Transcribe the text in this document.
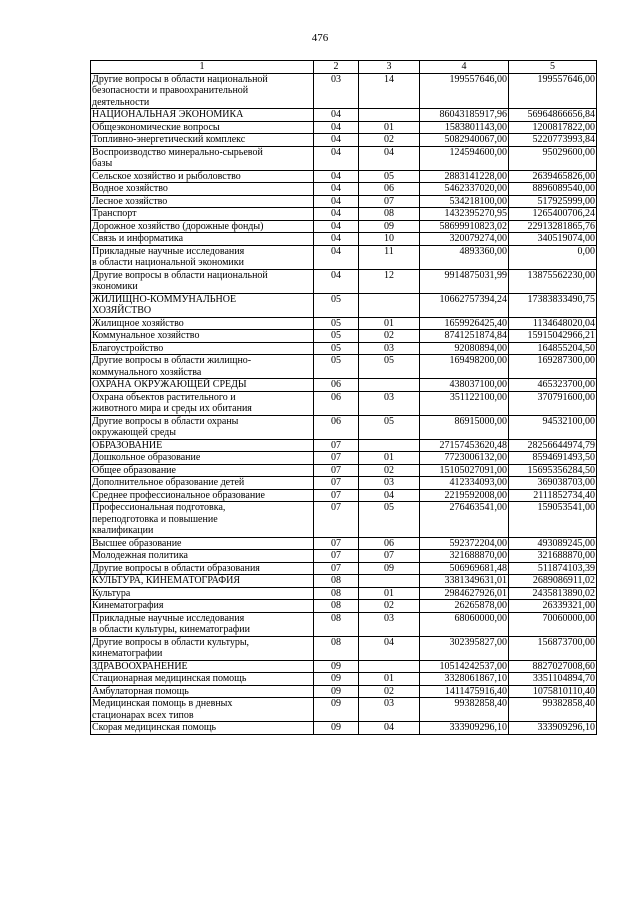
476
1	2	3	4	5
Другие вопросы в области национальной
безопасности и правоохранительной
деятельности	03	14	199557646,00	199557646,00
НАЦИОНАЛЬНАЯ ЭКОНОМИКА	04		86043185917,96	56964866656,84
Общеэкономические вопросы	04	01	1583801143,00	1200817822,00
Топливно-энергетический комплекс	04	02	5082940067,00	5220773993,84
Воспроизводство минерально-сырьевой
базы	04	04	124594600,00	95029600,00
Сельское хозяйство и рыболовство	04	05	2883141228,00	2639465826,00
Водное хозяйство	04	06	5462337020,00	8896089540,00
Лесное хозяйство	04	07	534218100,00	517925999,00
Транспорт	04	08	1432395270,95	1265400706,24
Дорожное хозяйство (дорожные фонды)	04	09	58699910823,02	22913281865,76
Связь и информатика	04	10	320079274,00	340519074,00
Прикладные научные исследования
в области национальной экономики	04	11	4893360,00	0,00
Другие вопросы в области национальной
экономики	04	12	9914875031,99	13875562230,00
ЖИЛИЩНО-КОММУНАЛЬНОЕ
ХОЗЯЙСТВО	05		10662757394,24	17383833490,75
Жилищное хозяйство	05	01	1659926425,40	1134648020,04
Коммунальное хозяйство	05	02	8741251874,84	15915042966,21
Благоустройство	05	03	92080894,00	164855204,50
Другие вопросы в области жилищно-
коммунального хозяйства	05	05	169498200,00	169287300,00
ОХРАНА ОКРУЖАЮЩЕЙ СРЕДЫ	06		438037100,00	465323700,00
Охрана объектов растительного и
животного мира и среды их обитания	06	03	351122100,00	370791600,00
Другие вопросы в области охраны
окружающей среды	06	05	86915000,00	94532100,00
ОБРАЗОВАНИЕ	07		27157453620,48	28256644974,79
Дошкольное образование	07	01	7723006132,00	8594691493,50
Общее образование	07	02	15105027091,00	15695356284,50
Дополнительное образование детей	07	03	412334093,00	369038703,00
Среднее профессиональное образование	07	04	2219592008,00	2111852734,40
Профессиональная подготовка,
переподготовка и повышение
квалификации	07	05	276463541,00	159053541,00
Высшее образование	07	06	592372204,00	493089245,00
Молодежная политика	07	07	321688870,00	321688870,00
Другие вопросы в области образования	07	09	506969681,48	511874103,39
КУЛЬТУРА, КИНЕМАТОГРАФИЯ	08		3381349631,01	2689086911,02
Культура	08	01	2984627926,01	2435813890,02
Кинематография	08	02	26265878,00	26339321,00
Прикладные научные исследования
в области культуры, кинематографии	08	03	68060000,00	70060000,00
Другие вопросы в области культуры,
кинематографии	08	04	302395827,00	156873700,00
ЗДРАВООХРАНЕНИЕ	09		10514242537,00	8827027008,60
Стационарная медицинская помощь	09	01	3328061867,10	3351104894,70
Амбулаторная помощь	09	02	1411475916,40	1075810110,40
Медицинская помощь в дневных
стационарах всех типов	09	03	99382858,40	99382858,40
Скорая медицинская помощь	09	04	333909296,10	333909296,10
